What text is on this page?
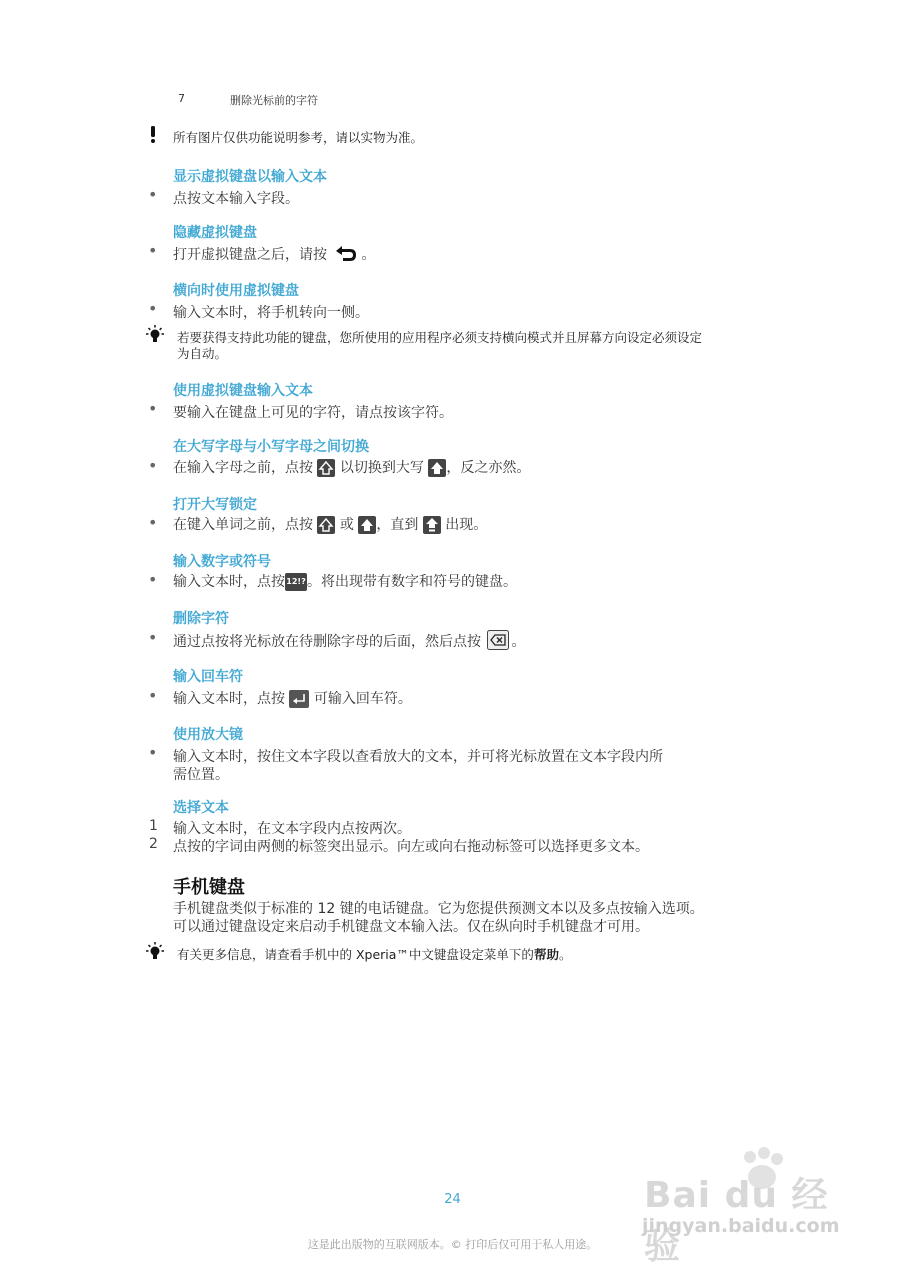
7	删除光标前的字符
所有图片仅供功能说明参考，请以实物为准。
显示虚拟键盘以输入文本
• 点按文本输入字段。
隐藏虚拟键盘
• 打开虚拟键盘之后，请按 。
横向时使用虚拟键盘
• 输入文本时，将手机转向一侧。
若要获得支持此功能的键盘，您所使用的应用程序必须支持横向模式并且屏幕方向设定必须设定
为自动。
使用虚拟键盘输入文本
• 要输入在键盘上可见的字符，请点按该字符。
在大写字母与小写字母之间切换
• 在输入字母之前，点按 以切换到大写 ，反之亦然。
打开大写锁定
• 在键入单词之前，点按 或 ，直到 出现。
输入数字或符号
• 输入文本时，点按12!?。将出现带有数字和符号的键盘。
删除字符
• 通过点按将光标放在待删除字母的后面，然后点按 。
输入回车符
• 输入文本时，点按 可输入回车符。
使用放大镜
• 输入文本时，按住文本字段以查看放大的文本，并可将光标放置在文本字段内所
需位置。
选择文本
1 输入文本时，在文本字段内点按两次。
2 点按的字词由两侧的标签突出显示。向左或向右拖动标签可以选择更多文本。
手机键盘
手机键盘类似于标准的 12 键的电话键盘。它为您提供预测文本以及多点按输入选项。
可以通过键盘设定来启动手机键盘文本输入法。仅在纵向时手机键盘才可用。
有关更多信息，请查看手机中的 Xperia™中文键盘设定菜单下的帮助。
Bai du 经验
jingyan.baidu.com
24
这是此出版物的互联网版本。© 打印后仅可用于私人用途。
